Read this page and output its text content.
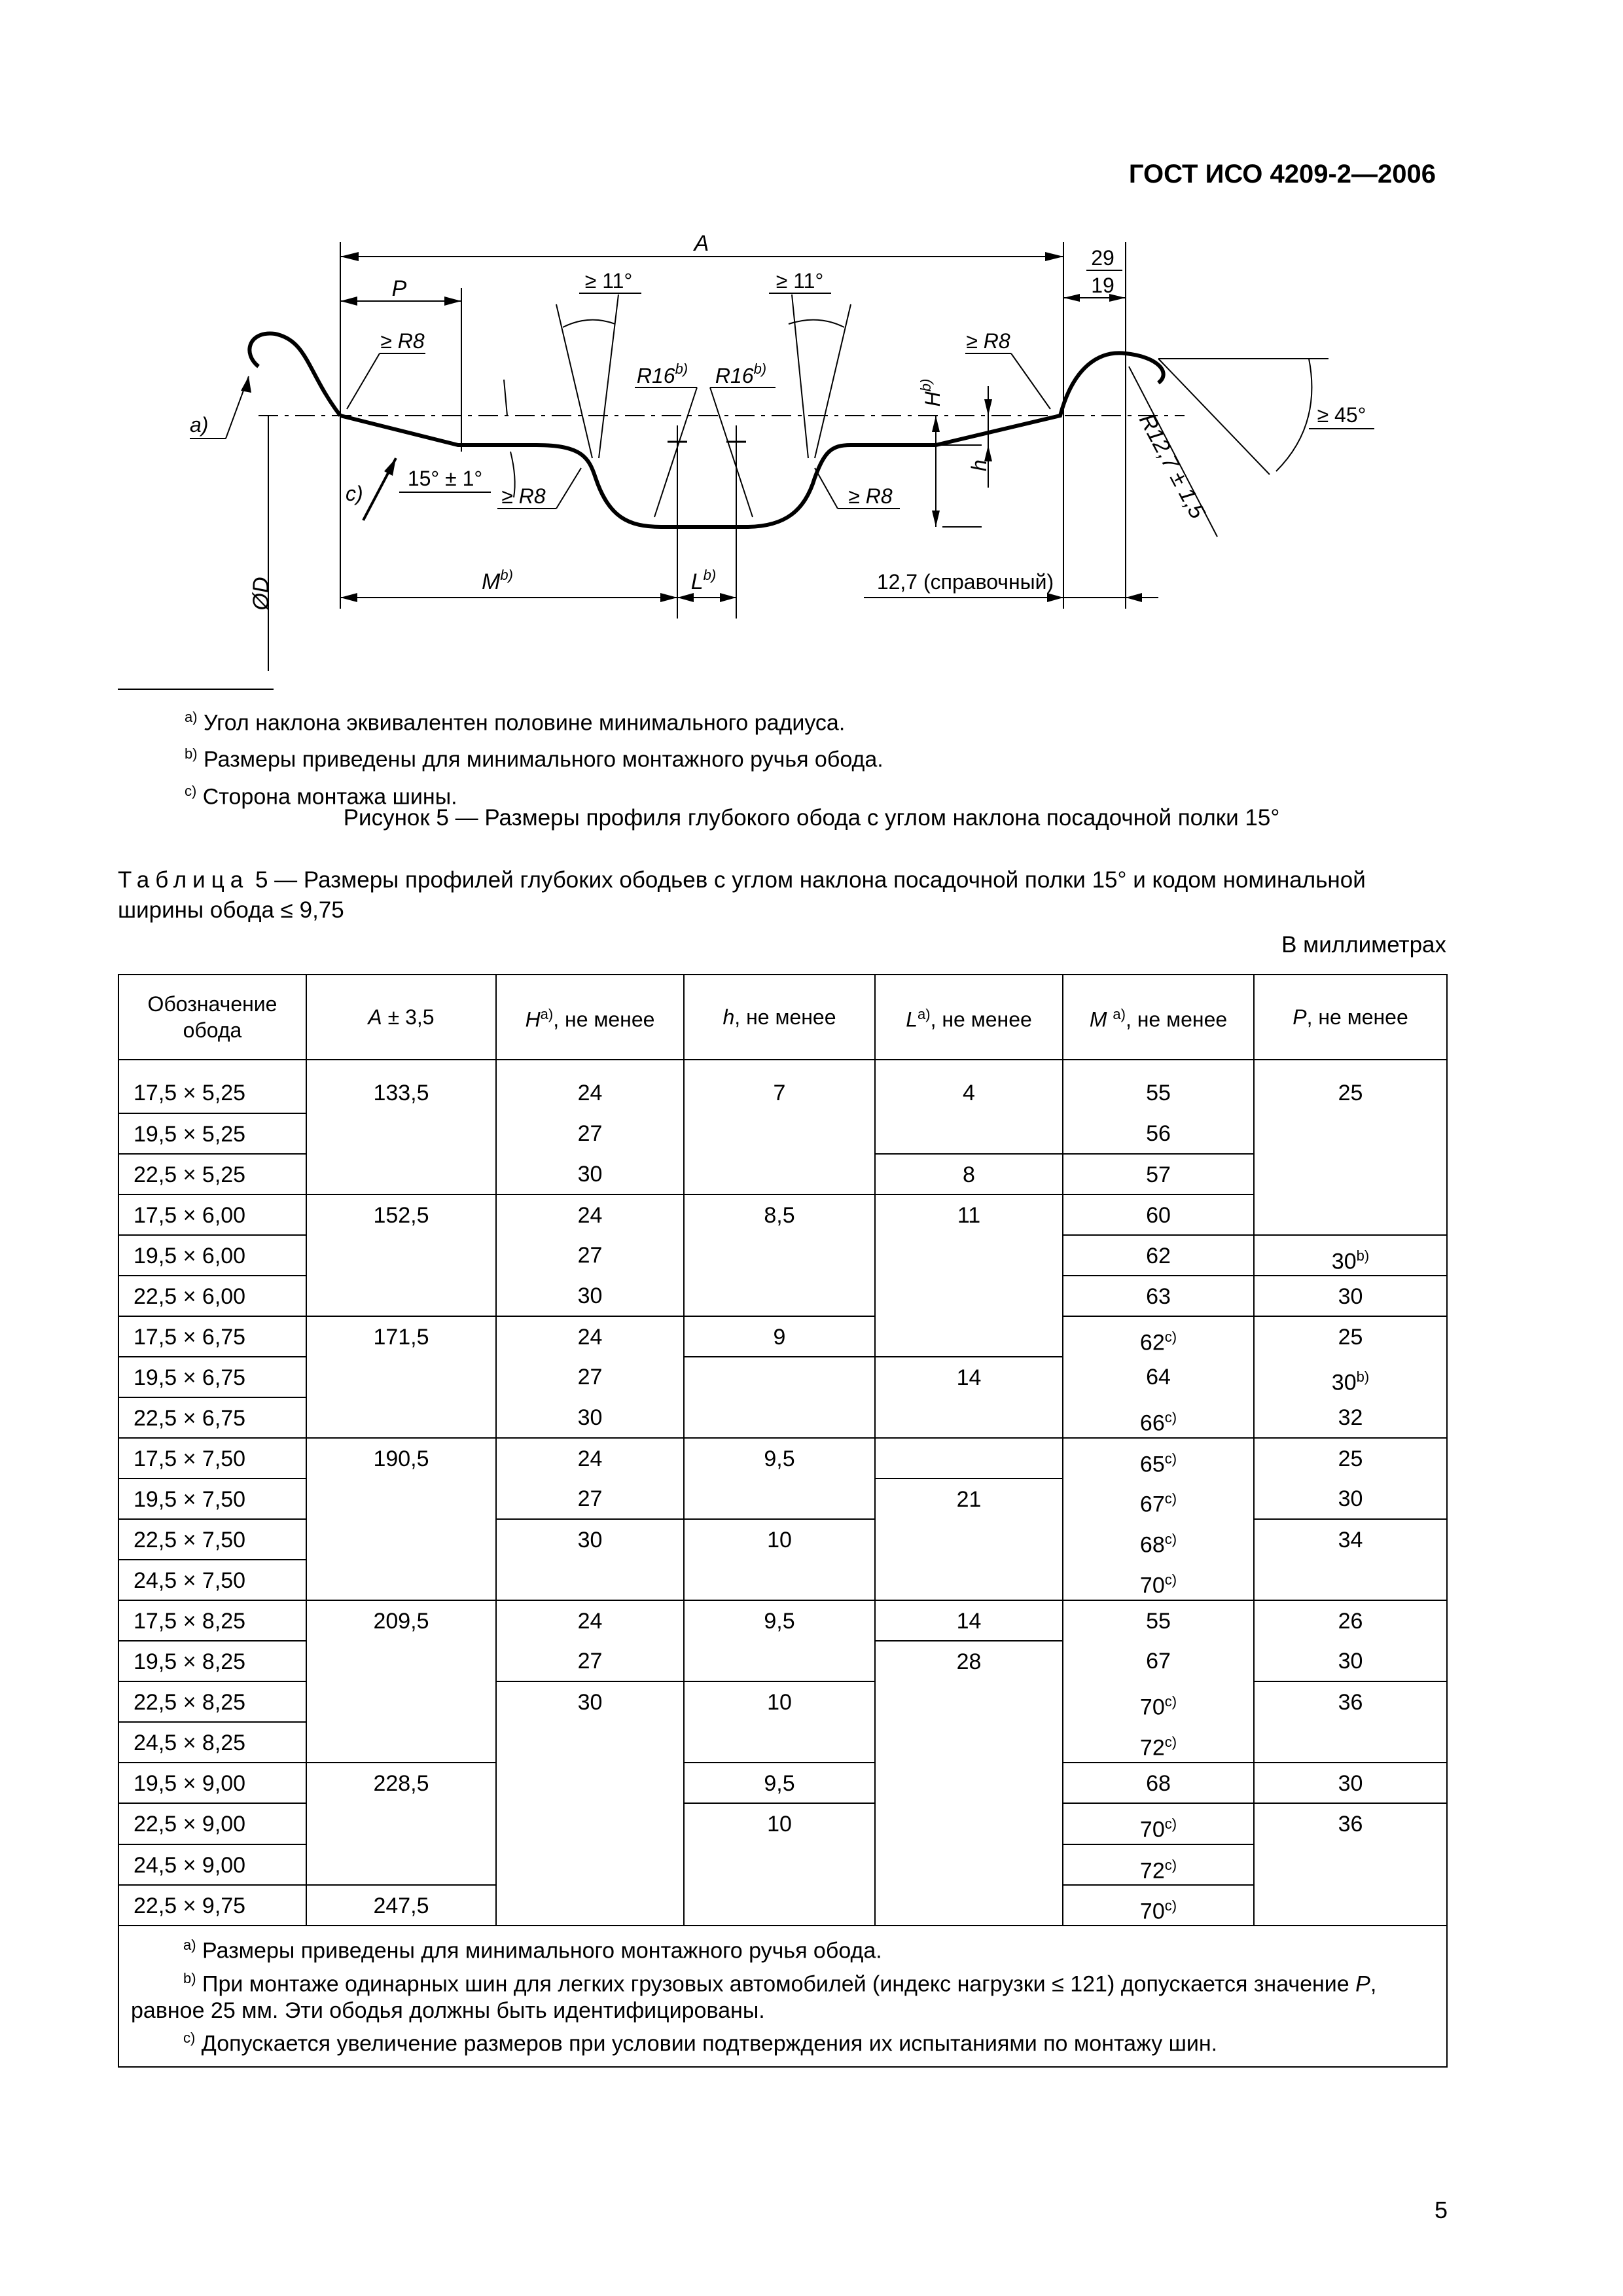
ГОСТ ИСО 4209-2—2006
A
29
19
P	≥ 11°	≥ 11°
≥ R8	≥ R8
R16$^{b)}$ R16$^{b)}$
$H^{b)}$
h
≥ 45°
R12,7 ± 1,5
a)
c)
15° ± 1°
≥ R8	≥ R8
$M^{b)}$	$L^{b)}$	12,7 (справочный)
ØD
$^{a)}$ Угол наклона эквивалентен половине минимального радиуса.
$^{b)}$ Размеры приведены для минимального монтажного ручья обода.
$^{c)}$ Сторона монтажа шины.
Рисунок 5 — Размеры профиля глубокого обода с углом наклона посадочной полки 15°
Таблица 5 — Размеры профилей глубоких ободьев с углом наклона посадочной полки 15° и кодом номинальной ширины обода ≤ 9,75
В миллиметрах
Обозначение обода	A ± 3,5	$H^{a)}$, не менее	h, не менее	$L^{a)}$, не менее	M $^{a)}$, не менее	P, не менее

17,5 × 5,25	133,5	24	7	4	55	25
19,5 × 5,25		27			56	
22,5 × 5,25		30		8	57	
17,5 × 6,00	152,5	24	8,5	11	60	
19,5 × 6,00		27			62	30$^{b)}$
22,5 × 6,00		30			63	30
17,5 × 6,75	171,5	24	9		62$^{c)}$	25
19,5 × 6,75		27		14	64	30$^{b)}$
22,5 × 6,75		30			66$^{c)}$	32
17,5 × 7,50	190,5	24	9,5		65$^{c)}$	25
19,5 × 7,50		27		21	67$^{c)}$	30
22,5 × 7,50		30	10		68$^{c)}$	34
24,5 × 7,50					70$^{c)}$	
17,5 × 8,25	209,5	24	9,5	14	55	26
19,5 × 8,25		27		28	67	30
22,5 × 8,25		30	10		70$^{c)}$	36
24,5 × 8,25					72$^{c)}$	
19,5 × 9,00	228,5		9,5		68	30
22,5 × 9,00			10		70$^{c)}$	36
24,5 × 9,00					72$^{c)}$	
22,5 × 9,75	247,5				70$^{c)}$	

$^{a)}$ Размеры приведены для минимального монтажного ручья обода.
$^{b)}$ При монтаже одинарных шин для легких грузовых автомобилей (индекс нагрузки ≤ 121) допускается значение P, равное 25 мм. Эти ободья должны быть идентифицированы.
$^{c)}$ Допускается увеличение размеров при условии подтверждения их испытаниями по монтажу шин.						
5
